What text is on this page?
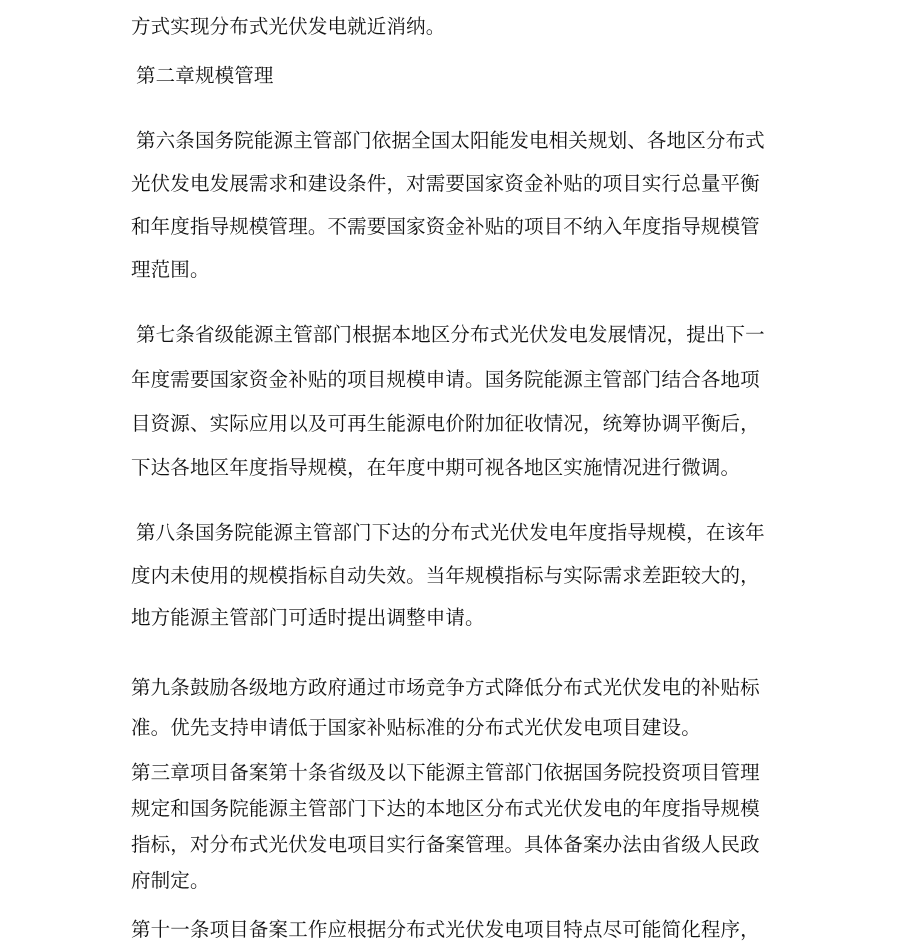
方式实现分布式光伏发电就近消纳。

第二章规模管理

第六条国务院能源主管部门依据全国太阳能发电相关规划、各地区分布式

光伏发电发展需求和建设条件，对需要国家资金补贴的项目实行总量平衡

和年度指导规模管理。不需要国家资金补贴的项目不纳入年度指导规模管

理范围。

第七条省级能源主管部门根据本地区分布式光伏发电发展情况，提出下一

年度需要国家资金补贴的项目规模申请。国务院能源主管部门结合各地项

目资源、实际应用以及可再生能源电价附加征收情况，统筹协调平衡后，

下达各地区年度指导规模，在年度中期可视各地区实施情况进行微调。

第八条国务院能源主管部门下达的分布式光伏发电年度指导规模，在该年

度内未使用的规模指标自动失效。当年规模指标与实际需求差距较大的，

地方能源主管部门可适时提出调整申请。

第九条鼓励各级地方政府通过市场竞争方式降低分布式光伏发电的补贴标

准。优先支持申请低于国家补贴标准的分布式光伏发电项目建设。

第三章项目备案第十条省级及以下能源主管部门依据国务院投资项目管理

规定和国务院能源主管部门下达的本地区分布式光伏发电的年度指导规模

指标，对分布式光伏发电项目实行备案管理。具体备案办法由省级人民政

府制定。

第十一条项目备案工作应根据分布式光伏发电项目特点尽可能简化程序，
